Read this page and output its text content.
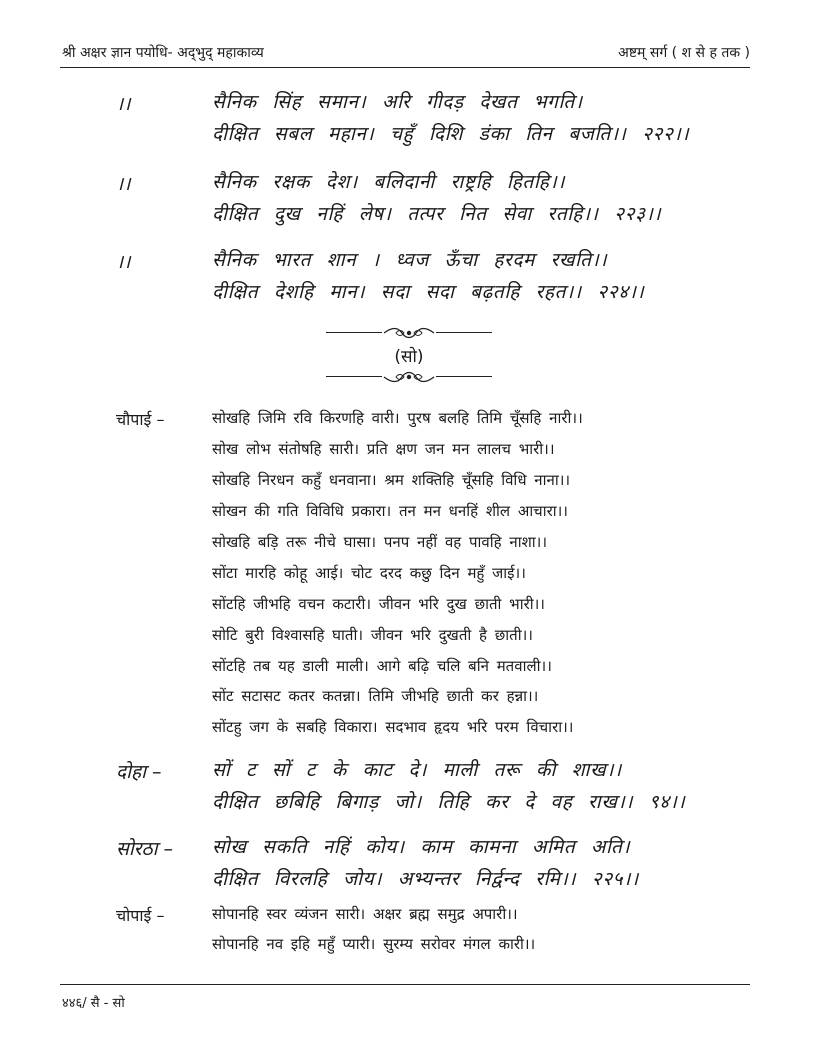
श्री अक्षर ज्ञान पयोधि- अद्‌भुद्‌ महाकाव्य	अष्टम् सर्ग ( श से ह तक )
।।	सैनिक सिंह समान। अरि गीदड़ देखत भगति।
दीक्षित सबल महान। चहुँ दिशि डंका तिन बजति।। २२२।।
।।	सैनिक रक्षक देश। बलिदानी राष्ट्रहि हितहि।।
दीक्षित दुख नहिं लेष। तत्पर नित सेवा रतहि।। २२३।।
।।	सैनिक भारत शान । ध्वज ऊँचा हरदम रखति।।
दीक्षित देशहि मान। सदा सदा बढ़तहि रहत।। २२४।।
(सो)
चौपाई –	सोखहि जिमि रवि किरणहि वारी। पुरष बलहि तिमि चूँसहि नारी।।
सोख लोभ संतोषहि सारी। प्रति क्षण जन मन लालच भारी।।
सोखहि निरधन कहुँ धनवाना। श्रम शक्तिहि चूँसहि विधि नाना।।
सोखन की गति विविधि प्रकारा। तन मन धनहिं शील आचारा।।
सोखहि बड़ि तरू नीचे घासा। पनप नहीं वह पावहि नाशा।।
सोंटा मारहि कोहू आई। चोट दरद कछु दिन महुँ जाई।।
सोंटहि जीभहि वचन कटारी। जीवन भरि दुख छाती भारी।।
सोटि बुरी विश्वासहि घाती। जीवन भरि दुखती है छाती।।
सोंटहि तब यह डाली माली। आगे बढ़ि चलि बनि मतवाली।।
सोंट सटासट कतर कतन्ना। तिमि जीभहि छाती कर हन्ना।।
सोंटहु जग के सबहि विकारा। सदभाव हृदय भरि परम विचारा।।
दोहा –	सों ट सों ट के काट दे। माली तरू की शाख।।
दीक्षित छबिहि बिगाड़ जो। तिहि कर दे वह राख।। ९४।।
सोरठा – सोख सकति नहिं कोय। काम कामना अमित अति।
दीक्षित विरलहि जोय। अभ्यन्तर निर्द्वन्द रमि।। २२५।।
चोपाई –	सोपानहि स्वर व्यंजन सारी। अक्षर ब्रह्म समुद्र अपारी।।
सोपानहि नव इहि महुँ प्यारी। सुरम्य सरोवर मंगल कारी।।
४४६/ सै - सो
